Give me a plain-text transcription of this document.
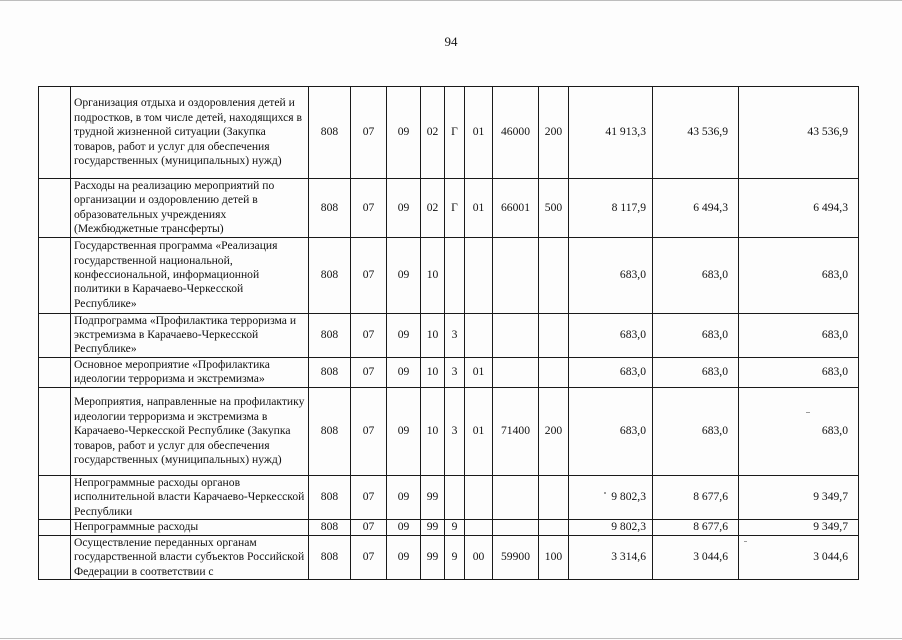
94
	Организация отдыха и оздоровления детей и подростков, в том числе детей, находящихся в трудной жизненной ситуации (Закупка товаров, работ и услуг для обеспечения государственных (муниципальных) нужд)	808	07	09	02	Г	01	46000	200	41 913,3	43 536,9	43 536,9
	Расходы на реализацию мероприятий по организации и оздоровлению детей в образовательных учреждениях (Межбюджетные трансферты)	808	07	09	02	Г	01	66001	500	8 117,9	6 494,3	6 494,3
	Государственная программа «Реализация государственной национальной, конфессиональной, информационной политики в Карачаево-Черкесской Республике»	808	07	09	10					683,0	683,0	683,0
	Подпрограмма «Профилактика терроризма и экстремизма в Карачаево-Черкесской Республике»	808	07	09	10	3				683,0	683,0	683,0
	Основное мероприятие «Профилактика идеологии терроризма и экстремизма»	808	07	09	10	3	01			683,0	683,0	683,0
	Мероприятия, направленные на профилактику идеологии терроризма и экстремизма в Карачаево-Черкесской Республике (Закупка товаров, работ и услуг для обеспечения государственных (муниципальных) нужд)	808	07	09	10	3	01	71400	200	683,0	683,0	683,0
	Непрограммные расходы органов исполнительной власти Карачаево-Черкесской Республики	808	07	09	99					9 802,3	8 677,6	9 349,7
	Непрограммные расходы	808	07	09	99	9				9 802,3	8 677,6	9 349,7
	Осуществление переданных органам государственной власти субъектов Российской Федерации в соответствии с	808	07	09	99	9	00	59900	100	3 314,6	3 044,6	3 044,6
